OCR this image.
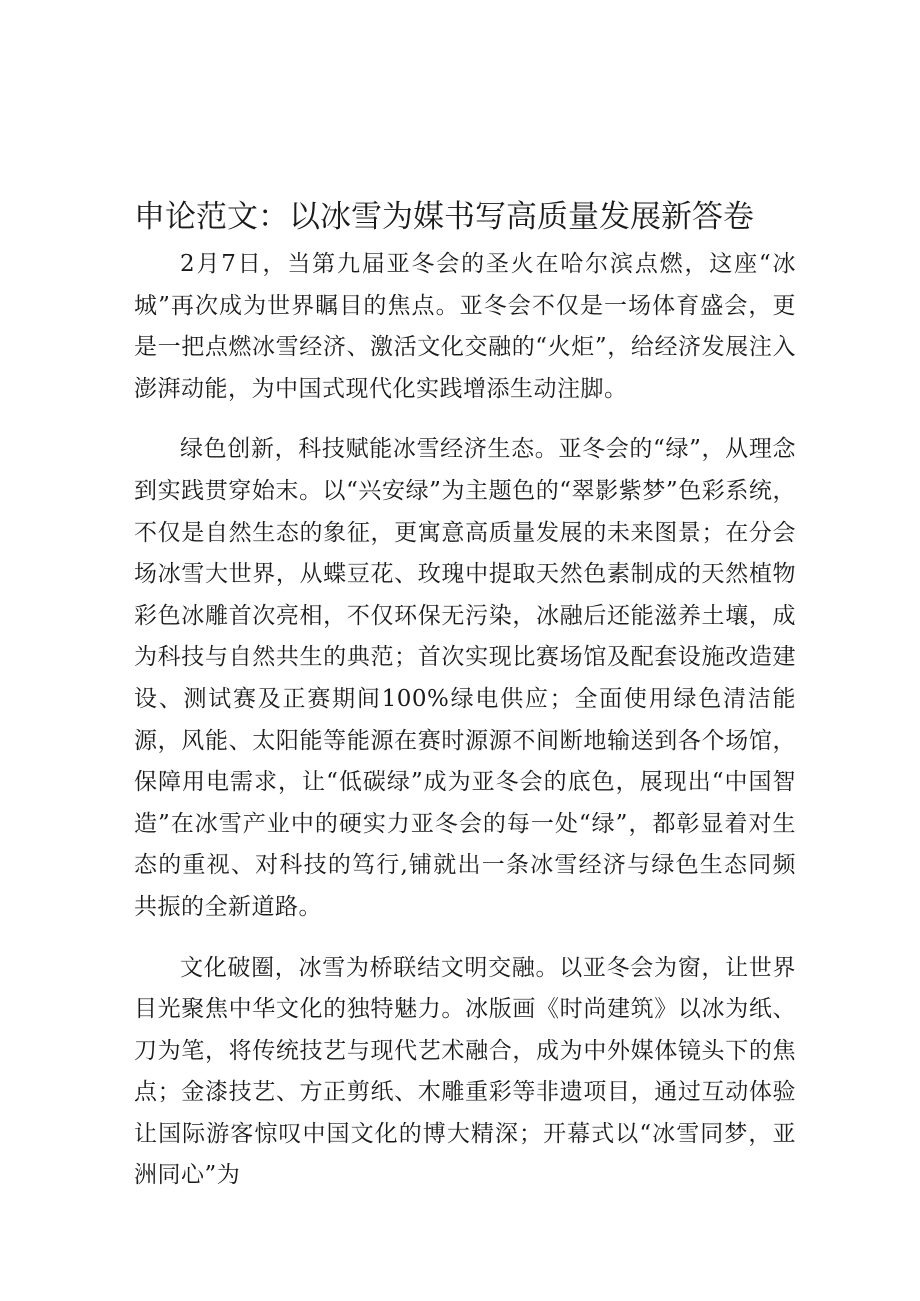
申论范文：以冰雪为媒书写高质量发展新答卷

2月7日，当第九届亚冬会的圣火在哈尔滨点燃，这座“冰城”再次成为世界瞩目的焦点。亚冬会不仅是一场体育盛会，更是一把点燃冰雪经济、激活文化交融的“火炬”，给经济发展注入澎湃动能，为中国式现代化实践增添生动注脚。

绿色创新，科技赋能冰雪经济生态。亚冬会的“绿”，从理念到实践贯穿始末。以“兴安绿”为主题色的“翠影紫梦”色彩系统，不仅是自然生态的象征，更寓意高质量发展的未来图景；在分会场冰雪大世界，从蝶豆花、玫瑰中提取天然色素制成的天然植物彩色冰雕首次亮相，不仅环保无污染，冰融后还能滋养土壤，成为科技与自然共生的典范；首次实现比赛场馆及配套设施改造建设、测试赛及正赛期间100%绿电供应；全面使用绿色清洁能源，风能、太阳能等能源在赛时源源不间断地输送到各个场馆，保障用电需求，让“低碳绿”成为亚冬会的底色，展现出“中国智造”在冰雪产业中的硬实力亚冬会的每一处“绿”，都彰显着对生态的重视、对科技的笃行,铺就出一条冰雪经济与绿色生态同频共振的全新道路。

文化破圈，冰雪为桥联结文明交融。以亚冬会为窗，让世界目光聚焦中华文化的独特魅力。冰版画《时尚建筑》以冰为纸、刀为笔，将传统技艺与现代艺术融合，成为中外媒体镜头下的焦点；金漆技艺、方正剪纸、木雕重彩等非遗项目，通过互动体验让国际游客惊叹中国文化的博大精深；开幕式以“冰雪同梦，亚洲同心”为
